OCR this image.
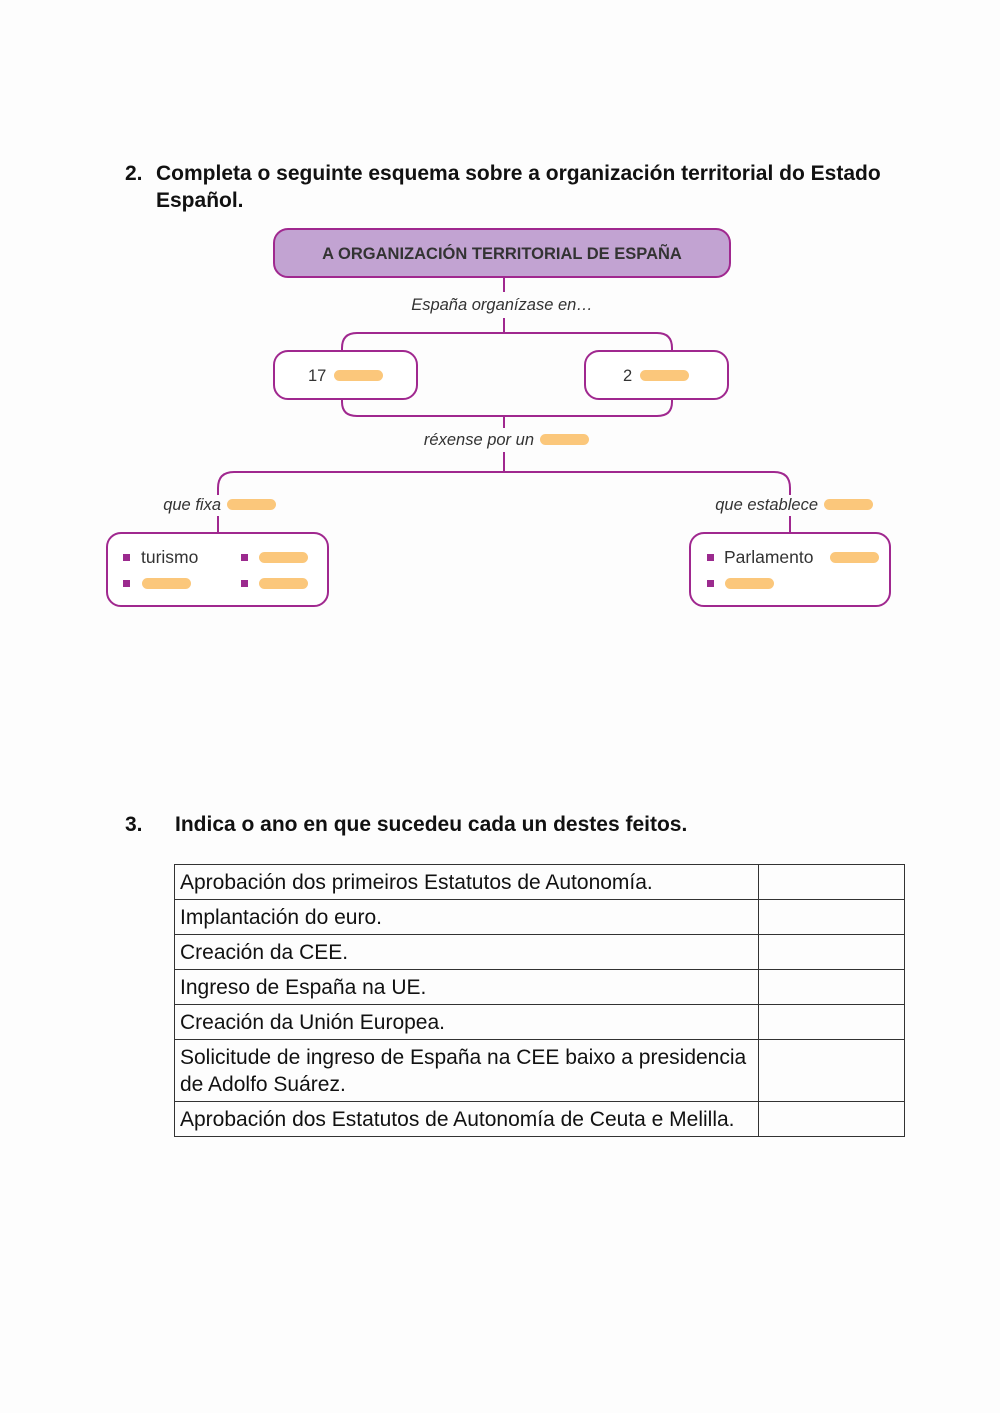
2. Completa o seguinte esquema sobre a organización territorial do Estado Español.
A ORGANIZACIÓN TERRITORIAL DE ESPAÑA
España organízase en…
17	2
réxense por un
que fixa	que establece
turismo	Parlamento
3. Indica o ano en que sucedeu cada un destes feitos.
Aprobación dos primeiros Estatutos de Autonomía.	
Implantación do euro.	
Creación da CEE.	
Ingreso de España na UE.	
Creación da Unión Europea.	
Solicitude de ingreso de España na CEE baixo a presidencia de Adolfo Suárez.	
Aprobación dos Estatutos de Autonomía de Ceuta e Melilla.	
